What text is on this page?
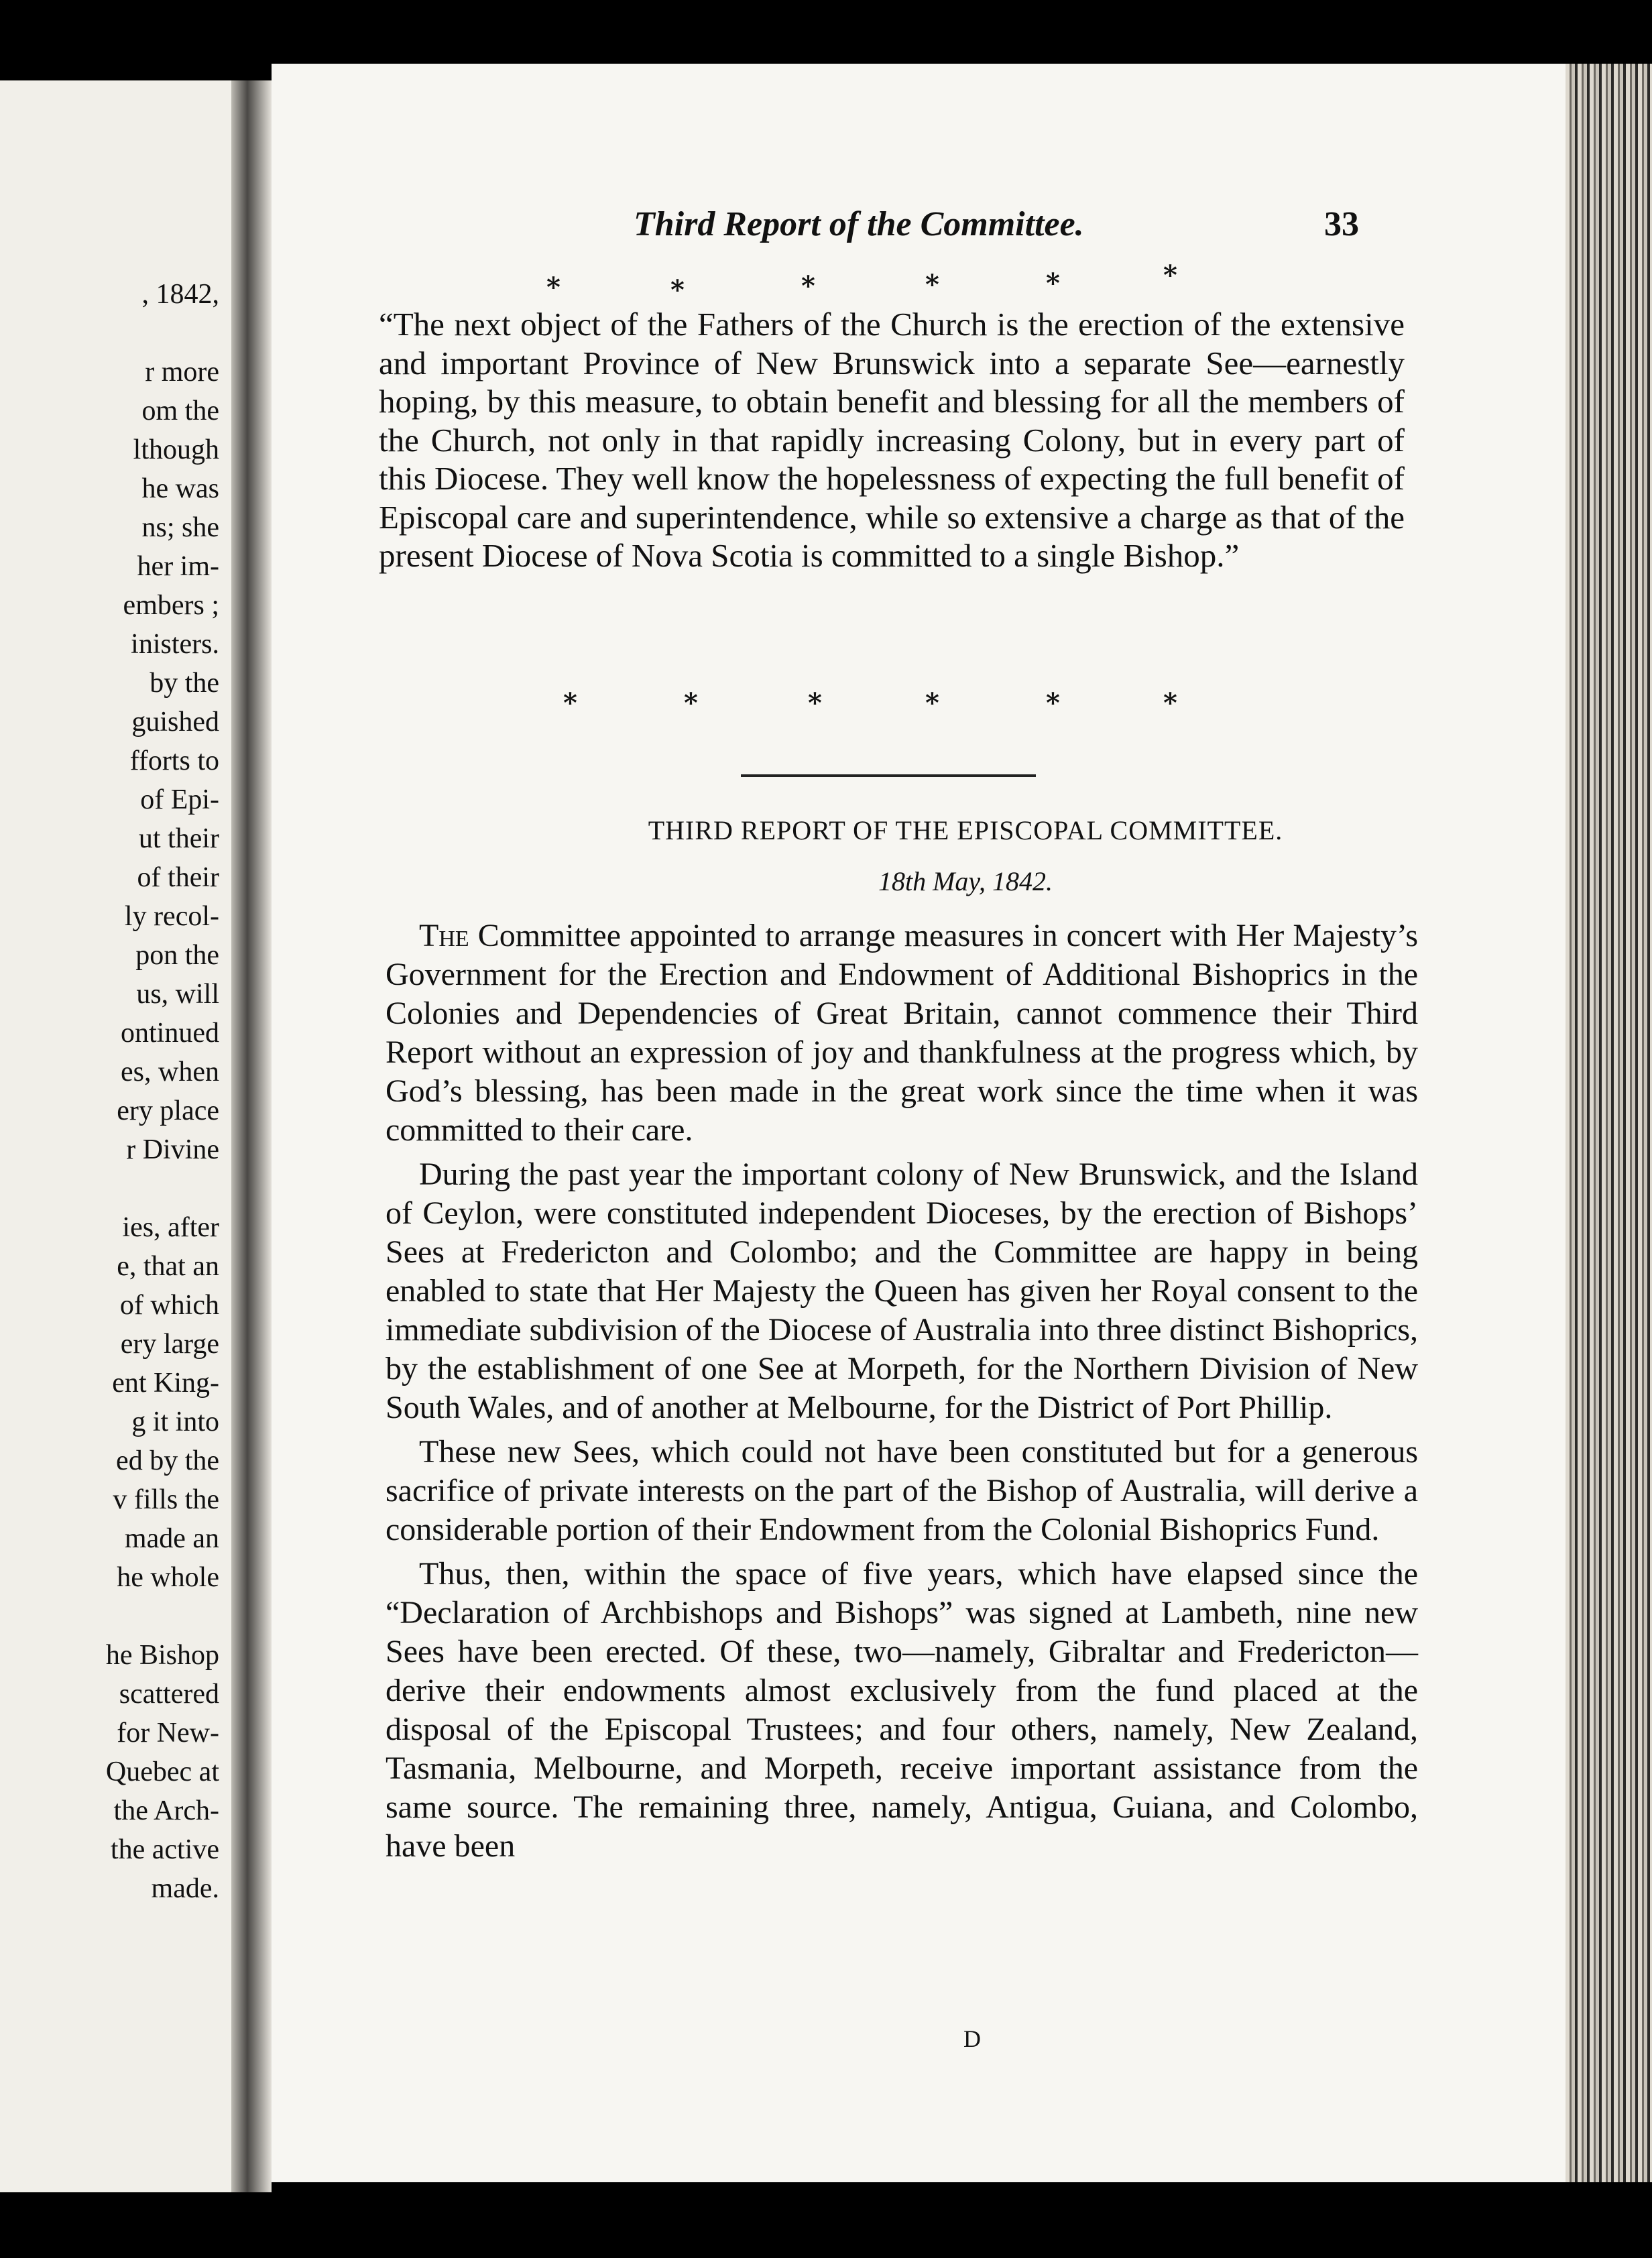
, 1842,

r more
om the
lthough
he was
ns; she
her im-
embers ;
inisters.
by the
guished
fforts to
of Epi-
ut their
of their
ly recol-
pon the
us, will
ontinued
es, when
ery place
r Divine

ies, after
e, that an
of which
ery large
ent King-
g it into
ed by the
v fills the
made an
he whole

he Bishop
scattered
for New-
Quebec at
the Arch-
the active
made.
Third Report of the Committee.	33
*	*	*	*	*	*
“The next object of the Fathers of the Church is the erection of the extensive and important Province of New Brunswick into a separate See—earnestly hoping, by this measure, to obtain benefit and blessing for all the members of the Church, not only in that rapidly increasing Colony, but in every part of this Diocese. They well know the hopelessness of expecting the full benefit of Episcopal care and superintendence, while so extensive a charge as that of the present Diocese of Nova Scotia is committed to a single Bishop.”
*	*	*	*	*	*
THIRD REPORT OF THE EPISCOPAL COMMITTEE.
18th May, 1842.

The Committee appointed to arrange measures in concert with Her Majesty’s Government for the Erection and Endowment of Additional Bishoprics in the Colonies and Dependencies of Great Britain, cannot commence their Third Report without an expression of joy and thankfulness at the progress which, by God’s blessing, has been made in the great work since the time when it was committed to their care.

During the past year the important colony of New Brunswick, and the Island of Ceylon, were constituted independent Dioceses, by the erection of Bishops’ Sees at Fredericton and Colombo; and the Committee are happy in being enabled to state that Her Majesty the Queen has given her Royal consent to the immediate subdivision of the Diocese of Australia into three distinct Bishoprics, by the establishment of one See at Morpeth, for the Northern Division of New South Wales, and of another at Melbourne, for the District of Port Phillip.

These new Sees, which could not have been constituted but for a generous sacrifice of private interests on the part of the Bishop of Australia, will derive a considerable portion of their Endowment from the Colonial Bishoprics Fund.

Thus, then, within the space of five years, which have elapsed since the “Declaration of Archbishops and Bishops” was signed at Lambeth, nine new Sees have been erected. Of these, two—namely, Gibraltar and Fredericton—derive their endowments almost exclusively from the fund placed at the disposal of the Episcopal Trustees; and four others, namely, New Zealand, Tasmania, Melbourne, and Morpeth, receive important assistance from the same source. The remaining three, namely, Antigua, Guiana, and Colombo, have been

D
